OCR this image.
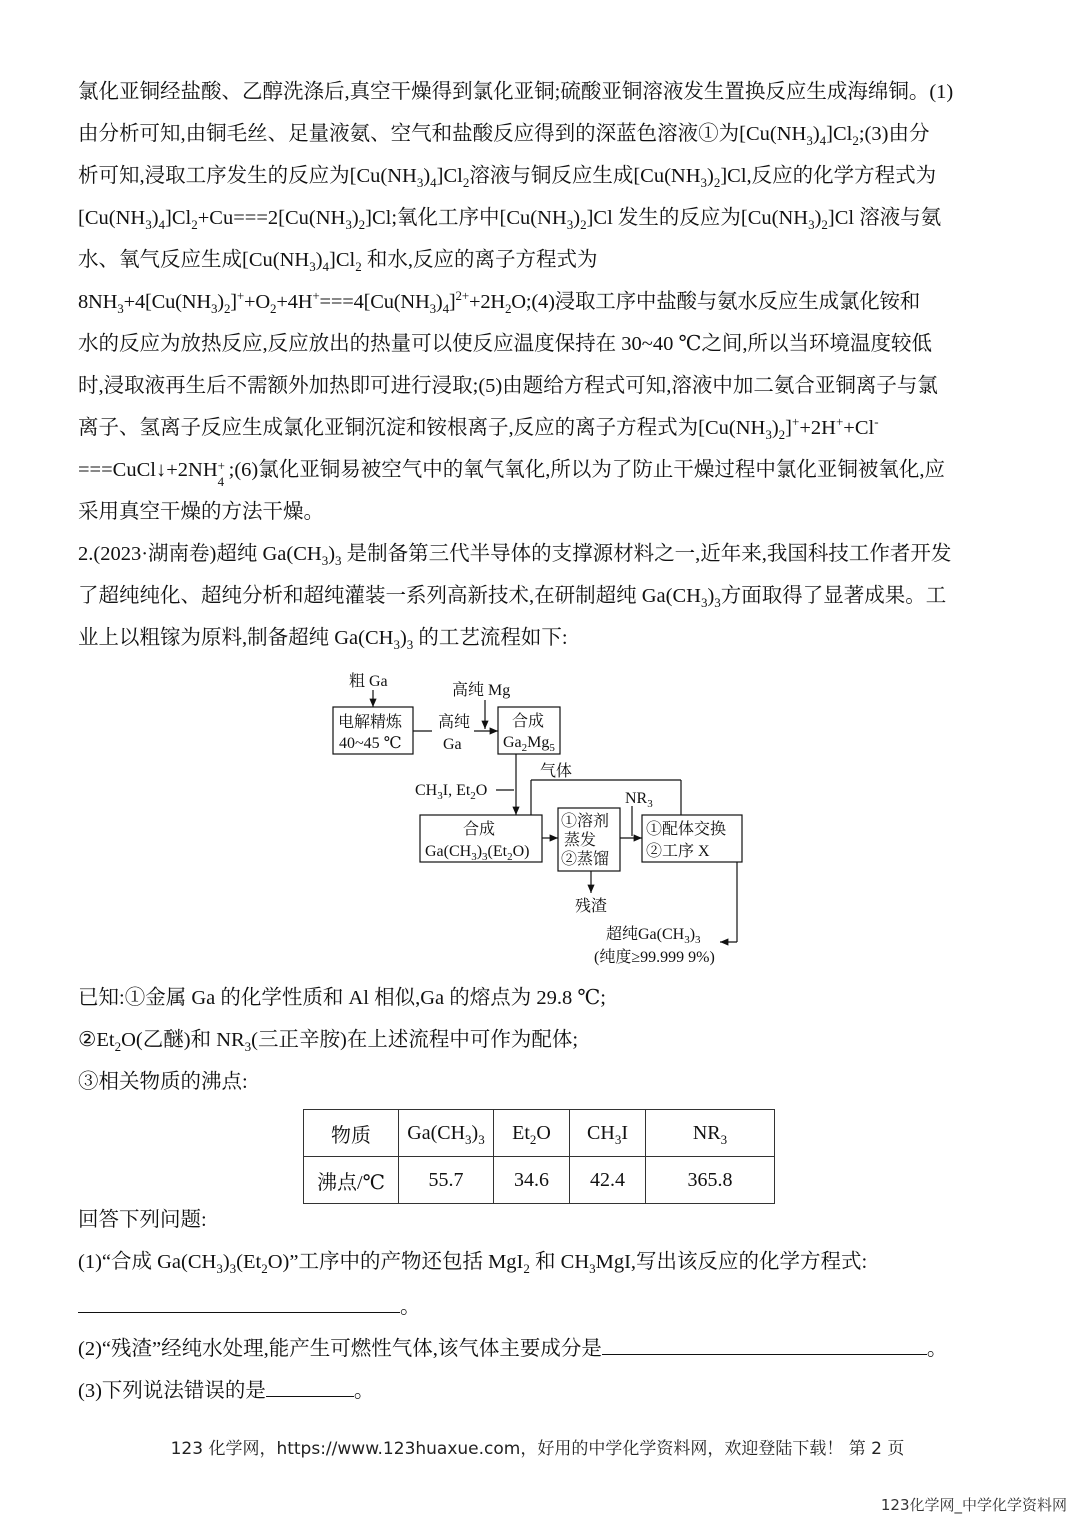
氯化亚铜经盐酸、乙醇洗涤后,真空干燥得到氯化亚铜;硫酸亚铜溶液发生置换反应生成海绵铜。(1)
由分析可知,由铜毛丝、足量液氨、空气和盐酸反应得到的深蓝色溶液①为$[Cu(NH_3)_4]Cl_2;(3)$由分
析可知,浸取工序发生的反应为$[Cu(NH_3)_4]Cl_2$溶液与铜反应生成$[Cu(NH_3)_2]Cl$,反应的化学方程式为
$[Cu(NH_3)_4]Cl_2+Cu===2[Cu(NH_3)_2]Cl$;氧化工序中$[Cu(NH_3)_2]Cl$ 发生的反应为$[Cu(NH_3)_2]Cl$ 溶液与氨
水、氧气反应生成$[Cu(NH_3)_4]Cl_2$ 和水,反应的离子方程式为
$8NH_3+4[Cu(NH_3)_2]^++O_2+4H^+===4[Cu(NH_3)_4]^{2+}+2H_2O;(4)$浸取工序中盐酸与氨水反应生成氯化铵和
水的反应为放热反应,反应放出的热量可以使反应温度保持在 30~40 ℃之间,所以当环境温度较低
时,浸取液再生后不需额外加热即可进行浸取;(5)由题给方程式可知,溶液中加二氨合亚铜离子与氯
离子、氢离子反应生成氯化亚铜沉淀和铵根离子,反应的离子方程式为$[Cu(NH_3)_2]^++2H^++Cl^-$
===CuCl↓+2NH +
4
;(6)氯化亚铜易被空气中的氧气氧化,所以为了防止干燥过程中氯化亚铜被氧化,应
采用真空干燥的方法干燥。
2.(2023·湖南卷)超纯 $Ga(CH_3)_3$ 是制备第三代半导体的支撑源材料之一,近年来,我国科技工作者开发
了超纯纯化、超纯分析和超纯灌装一系列高新技术,在研制超纯 $Ga(CH_3)_3$方面取得了显著成果。工
业上以粗镓为原料,制备超纯 $Ga(CH_3)_3$ 的工艺流程如下:
粗 Ga
电解精炼
40~45 ℃
高纯
Ga
高纯 Mg
合成
$Ga_2Mg_5$
$CH_3I$, $Et_2O$
气体
$NR_3$
合成
$Ga(CH_3)_3(Et_2O)$
①溶剂
蒸发
②蒸馏
①配体交换
②工序 X
残渣
超纯$Ga(CH_3)_3$
(纯度≥99.999 9%)
已知:①金属 Ga 的化学性质和 Al 相似,Ga 的熔点为 29.8 ℃;
$②Et_2O$(乙醚)和 $NR_3$(三正辛胺)在上述流程中可作为配体;
③相关物质的沸点:
物质	$Ga(CH_3)_3$	$Et_2O$	$CH_3I$	$NR_3$
沸点/℃	55.7	34.6	42.4	365.8
回答下列问题:
(1)“合成 $Ga(CH_3)_3(Et_2O)$”工序中的产物还包括 MgI$_2$ 和 $CH_3MgI$,写出该反应的化学方程式:
。
(2)“残渣”经纯水处理,能产生可燃性气体,该气体主要成分是	。
(3)下列说法错误的是	。
123 化学网，https://www.123huaxue.com，好用的中学化学资料网，欢迎登陆下载！ 第 2 页
123化学网_中学化学资料网
